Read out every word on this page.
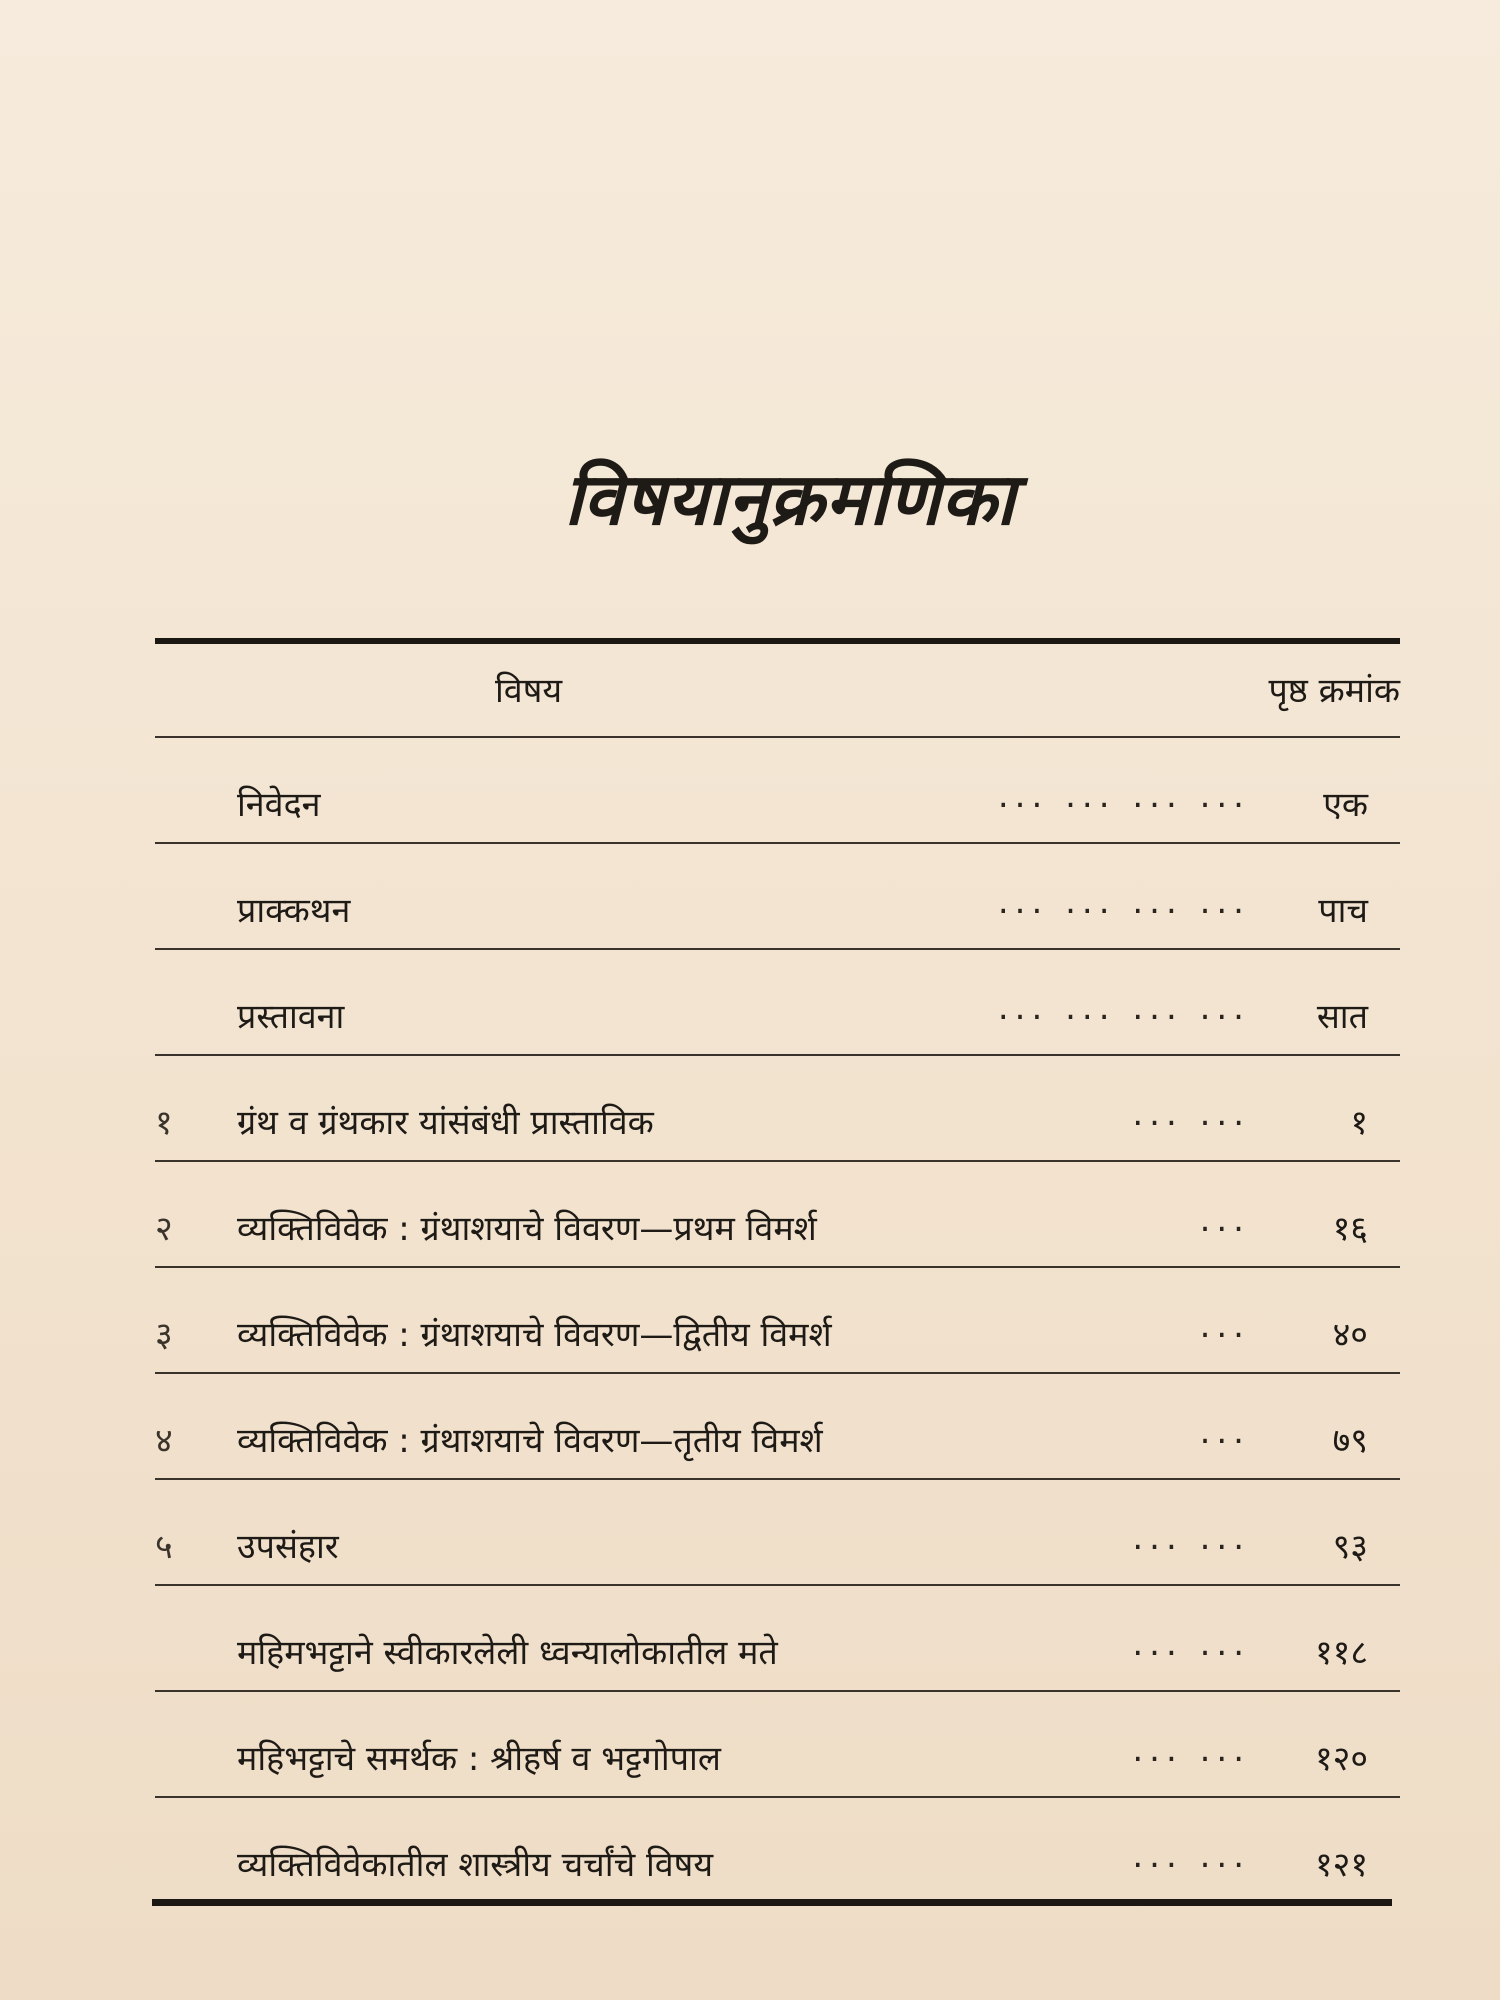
विषयानुक्रमणिका
विषय	पृष्ठ क्रमांक
निवेदन	... ... ... ... एक
प्राक्कथन	... ... ... ... पाच
प्रस्तावना	... ... ... ... सात
१	ग्रंथ व ग्रंथकार यांसंबंधी प्रास्ताविक	... ...	१
२	व्यक्तिविवेक : ग्रंथाशयाचे विवरण—प्रथम विमर्श	... १६
३	व्यक्तिविवेक : ग्रंथाशयाचे विवरण—द्वितीय विमर्श	... ४०
४	व्यक्तिविवेक : ग्रंथाशयाचे विवरण—तृतीय विमर्श	... ७९
५	उपसंहार	... ... ९३
महिमभट्टाने स्वीकारलेली ध्वन्यालोकातील मते	... ... ११८
महिभट्टाचे समर्थक : श्रीहर्ष व भट्टगोपाल	... ... १२०
व्यक्तिविवेकातील शास्त्रीय चर्चांचे विषय	... ... १२१
